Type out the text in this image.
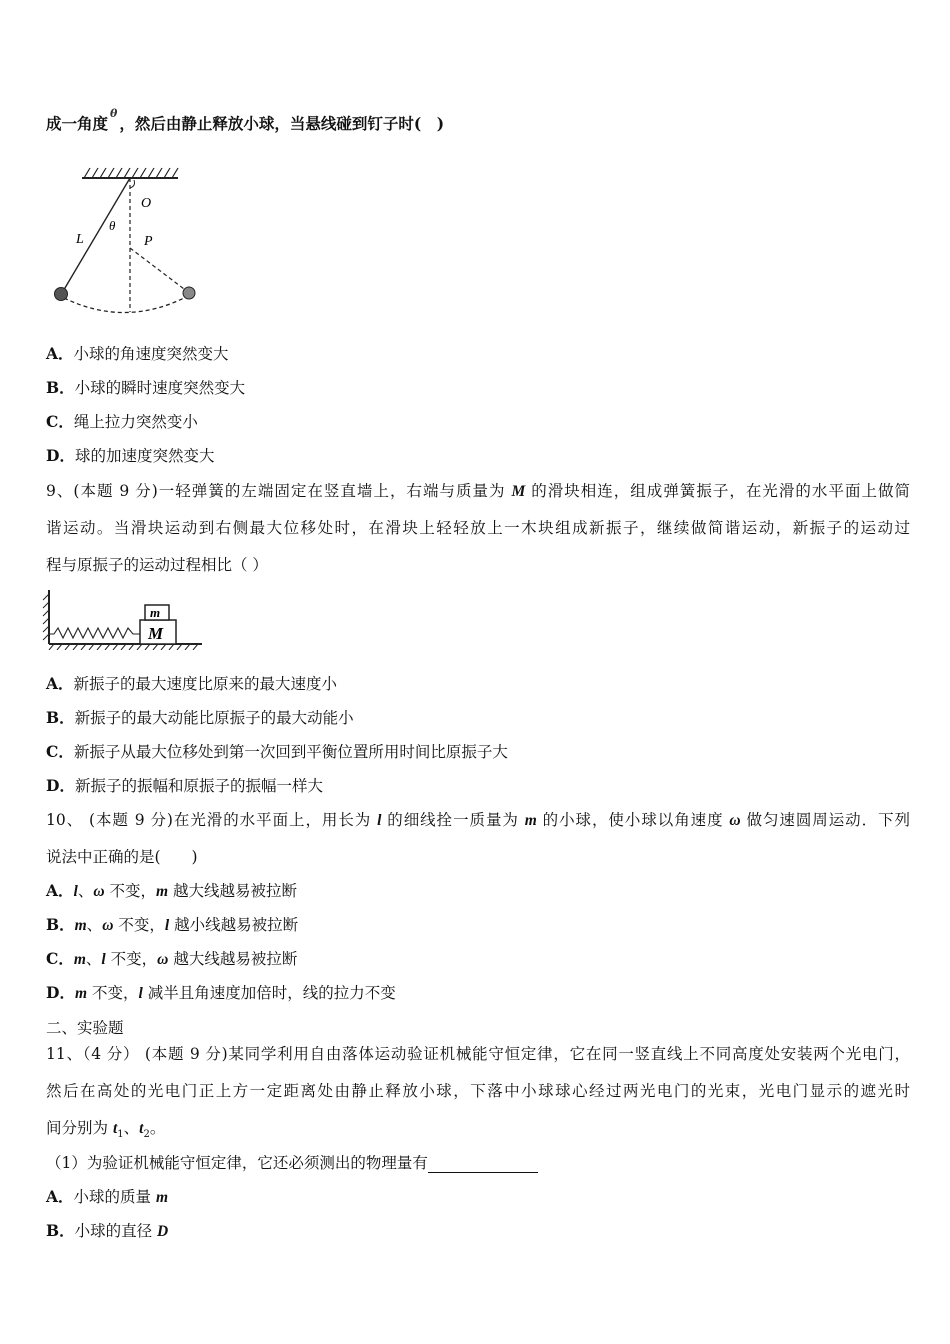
成一角度$^\theta$，然后由静止释放小球，当悬线碰到钉子时(　)
O
L
θ
P
A．小球的角速度突然变大
B．小球的瞬时速度突然变大
C．绳上拉力突然变小
D．球的加速度突然变大
9、(本题 9 分)一轻弹簧的左端固定在竖直墙上，右端与质量为 M 的滑块相连，组成弹簧振子，在光滑的水平面上做简
谐运动。当滑块运动到右侧最大位移处时，在滑块上轻轻放上一木块组成新振子，继续做简谐运动，新振子的运动过
程与原振子的运动过程相比（ ）
m
M
A．新振子的最大速度比原来的最大速度小
B．新振子的最大动能比原振子的最大动能小
C．新振子从最大位移处到第一次回到平衡位置所用时间比原振子大
D．新振子的振幅和原振子的振幅一样大
10、 (本题 9 分)在光滑的水平面上，用长为 l 的细线拴一质量为 m 的小球，使小球以角速度 ω 做匀速圆周运动．下列
说法中正确的是(　　)
A．l、ω 不变，m 越大线越易被拉断
B．m、ω 不变，l 越小线越易被拉断
C．m、l 不变，ω 越大线越易被拉断
D．m 不变，l 减半且角速度加倍时，线的拉力不变
二、实验题
11、（4 分） (本题 9 分)某同学利用自由落体运动验证机械能守恒定律，它在同一竖直线上不同高度处安装两个光电门，
然后在高处的光电门正上方一定距离处由静止释放小球，下落中小球球心经过两光电门的光束，光电门显示的遮光时
间分别为 $t_1$、$t_2$。
（1）为验证机械能守恒定律，它还必须测出的物理量有
A．小球的质量 m
B．小球的直径 D
